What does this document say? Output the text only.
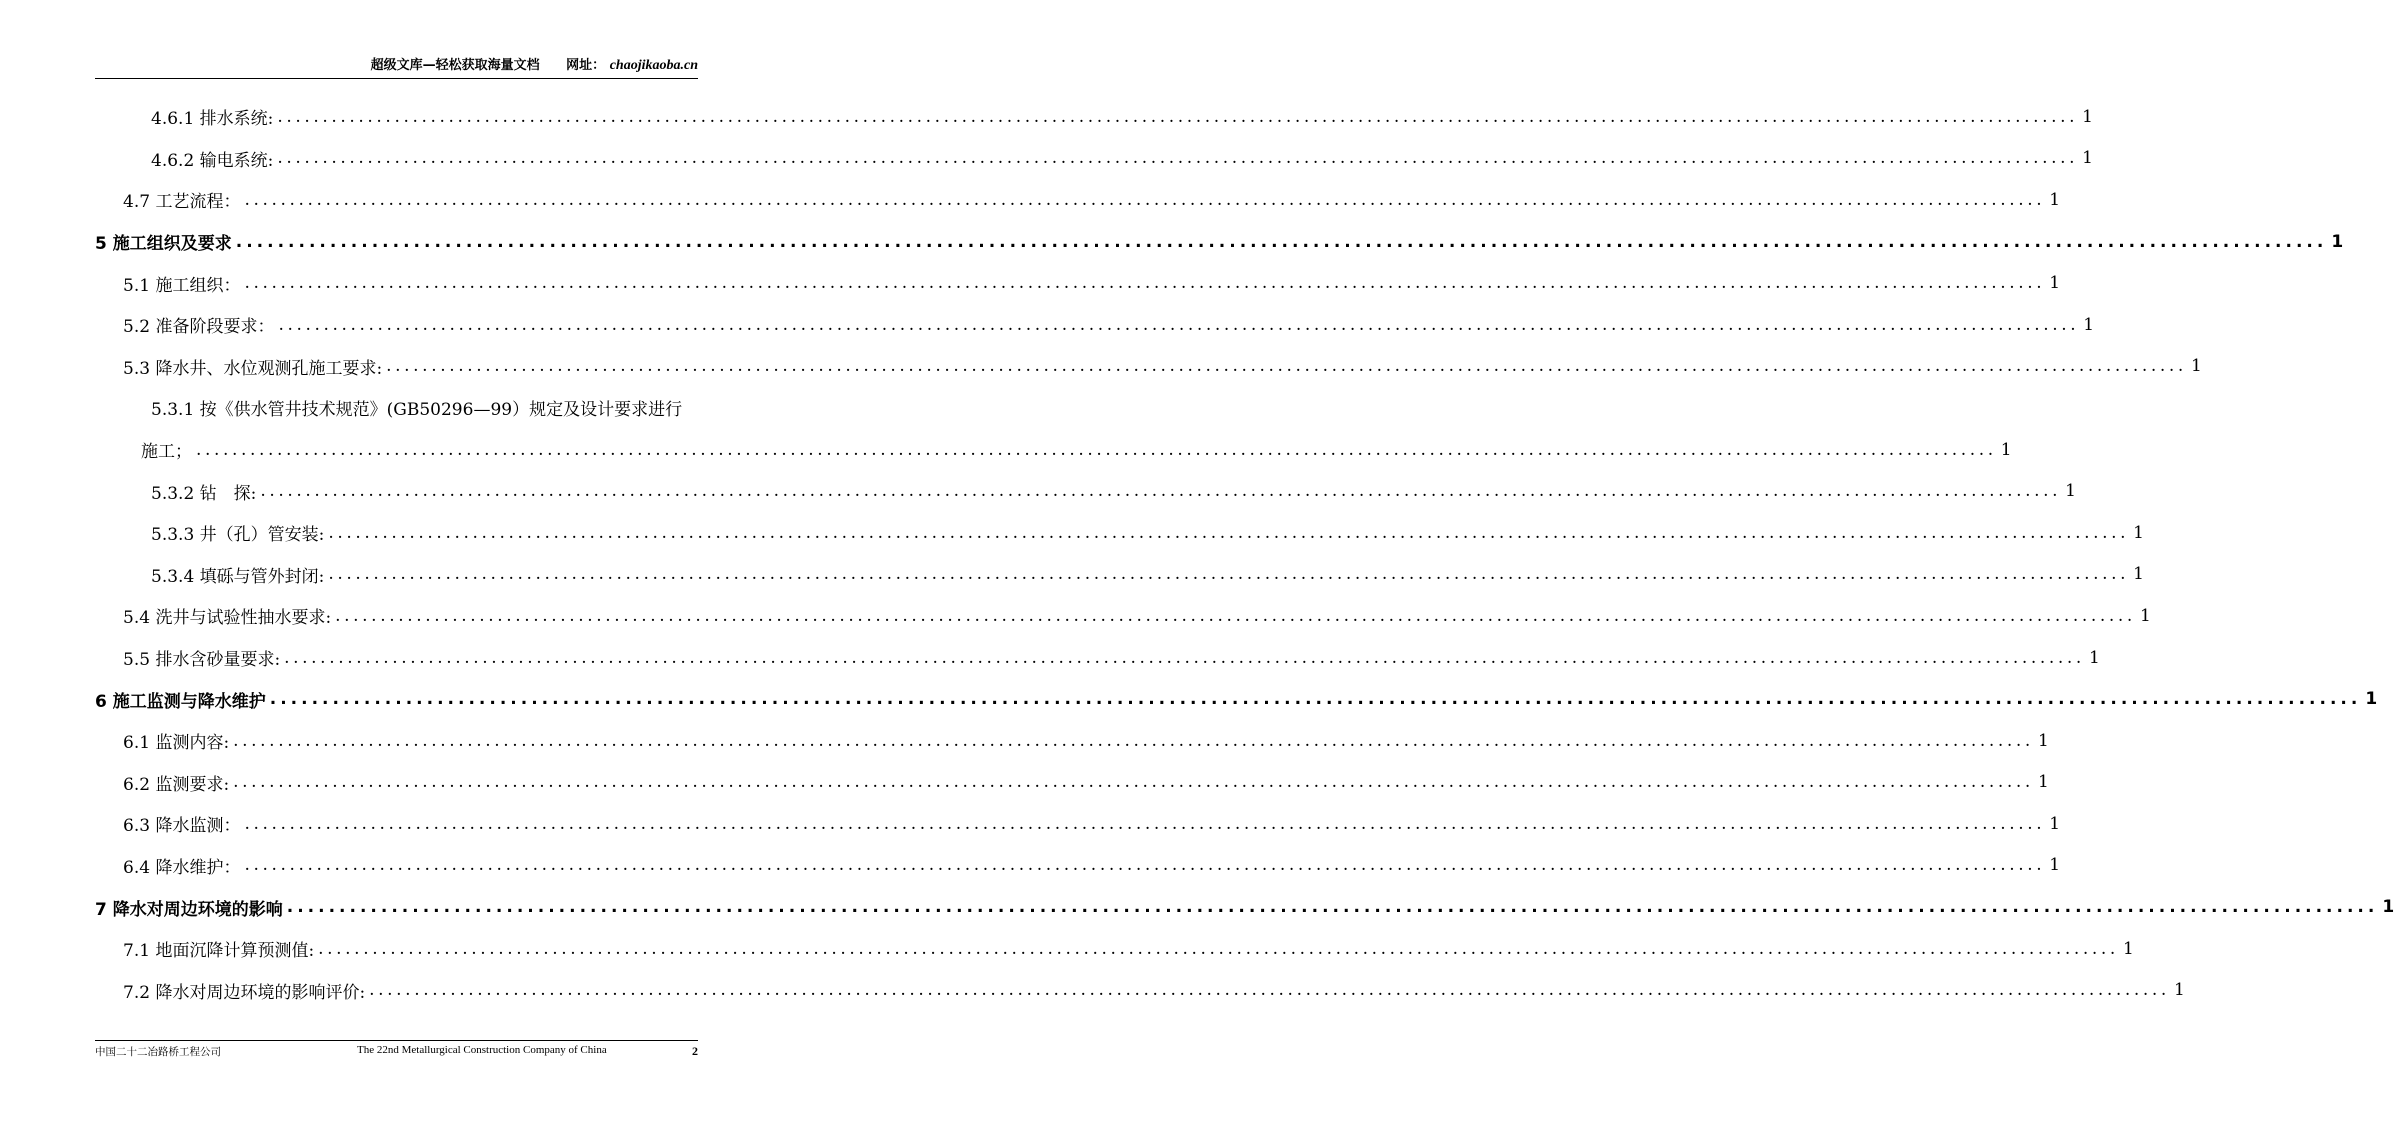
超级文库—轻松获取海量文档 网址： chaojikaoba.cn
4.6.1 排水系统: ........................................................................................................................................................................................................ 1
4.6.2 输电系统: ........................................................................................................................................................................................................ 1
4.7 工艺流程： ........................................................................................................................................................................................................ 1
5 施工组织及要求 ........................................................................................................................................................................................................ 1
5.1 施工组织： ........................................................................................................................................................................................................ 1
5.2 准备阶段要求： ........................................................................................................................................................................................................ 1
5.3 降水井、水位观测孔施工要求: ........................................................................................................................................................................................................ 1
5.3.1 按《供水管井技术规范》(GB50296—99）规定及设计要求进行
施工； ........................................................................................................................................................................................................ 1
5.3.2 钻　探: ........................................................................................................................................................................................................ 1
5.3.3 井（孔）管安装: ........................................................................................................................................................................................................ 1
5.3.4 填砾与管外封闭: ........................................................................................................................................................................................................ 1
5.4 洗井与试验性抽水要求: ........................................................................................................................................................................................................ 1
5.5 排水含砂量要求: ........................................................................................................................................................................................................ 1
6 施工监测与降水维护 ........................................................................................................................................................................................................ 1
6.1 监测内容: ........................................................................................................................................................................................................ 1
6.2 监测要求: ........................................................................................................................................................................................................ 1
6.3 降水监测： ........................................................................................................................................................................................................ 1
6.4 降水维护： ........................................................................................................................................................................................................ 1
7 降水对周边环境的影响 ........................................................................................................................................................................................................ 1
7.1 地面沉降计算预测值: ........................................................................................................................................................................................................ 1
7.2 降水对周边环境的影响评价: ........................................................................................................................................................................................................ 1
中国二十二冶路桥工程公司	The 22nd Metallurgical Construction Company of China	2
